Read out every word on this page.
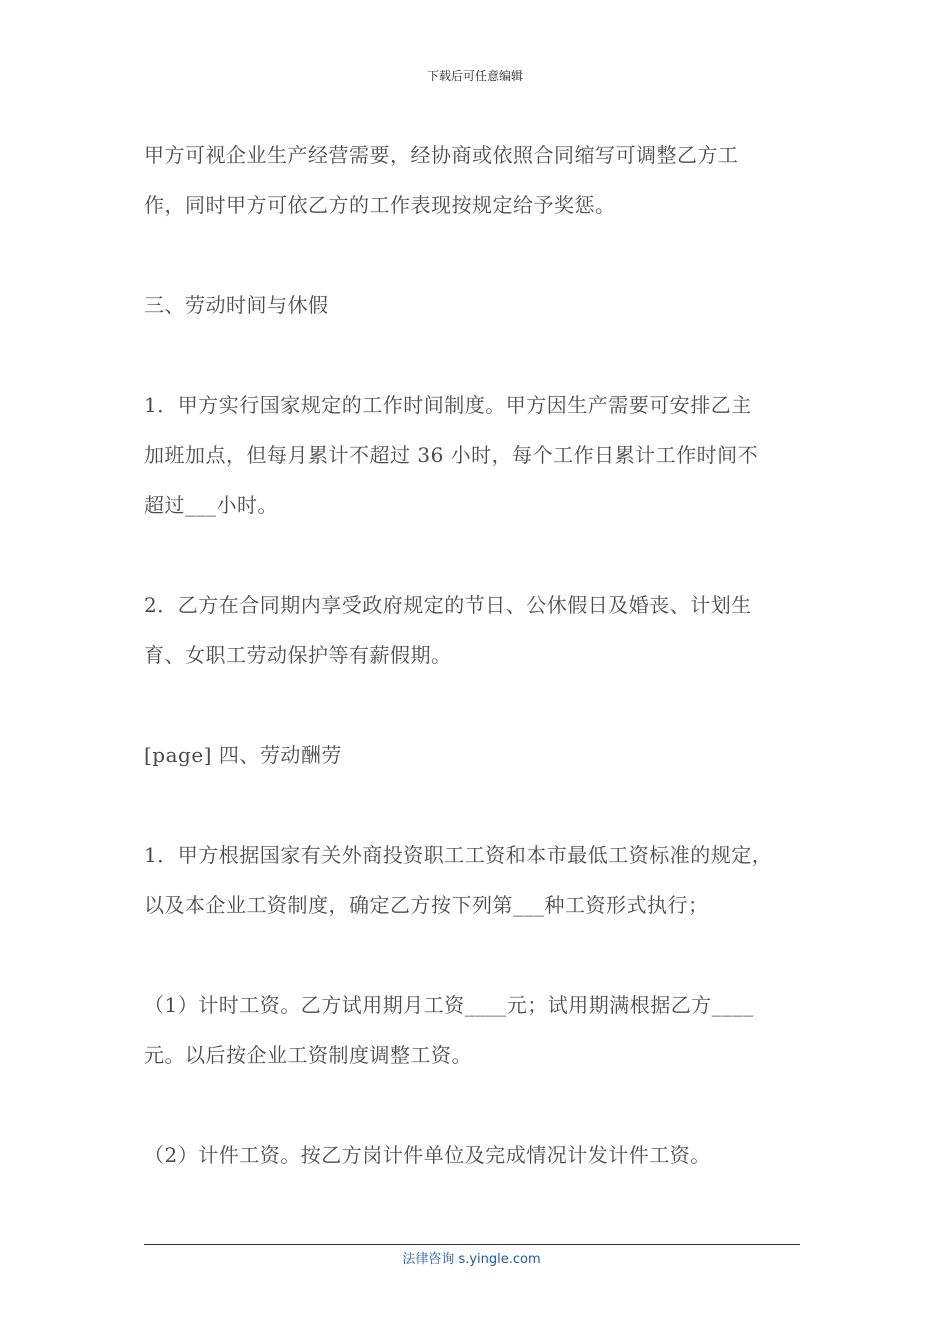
下载后可任意编辑

甲方可视企业生产经营需要，经协商或依照合同缩写可调整乙方工
作，同时甲方可依乙方的工作表现按规定给予奖惩。

三、劳动时间与休假

1．甲方实行国家规定的工作时间制度。甲方因生产需要可安排乙主
加班加点，但每月累计不超过 36 小时，每个工作日累计工作时间不
超过___小时。

2．乙方在合同期内享受政府规定的节日、公休假日及婚丧、计划生
育、女职工劳动保护等有薪假期。

[page] 四、劳动酬劳

1．甲方根据国家有关外商投资职工工资和本市最低工资标准的规定，
以及本企业工资制度，确定乙方按下列第___种工资形式执行；

（1）计时工资。乙方试用期月工资____元；试用期满根据乙方____
元。以后按企业工资制度调整工资。

（2）计件工资。按乙方岗计件单位及完成情况计发计件工资。

法律咨询 s.yingle.com
